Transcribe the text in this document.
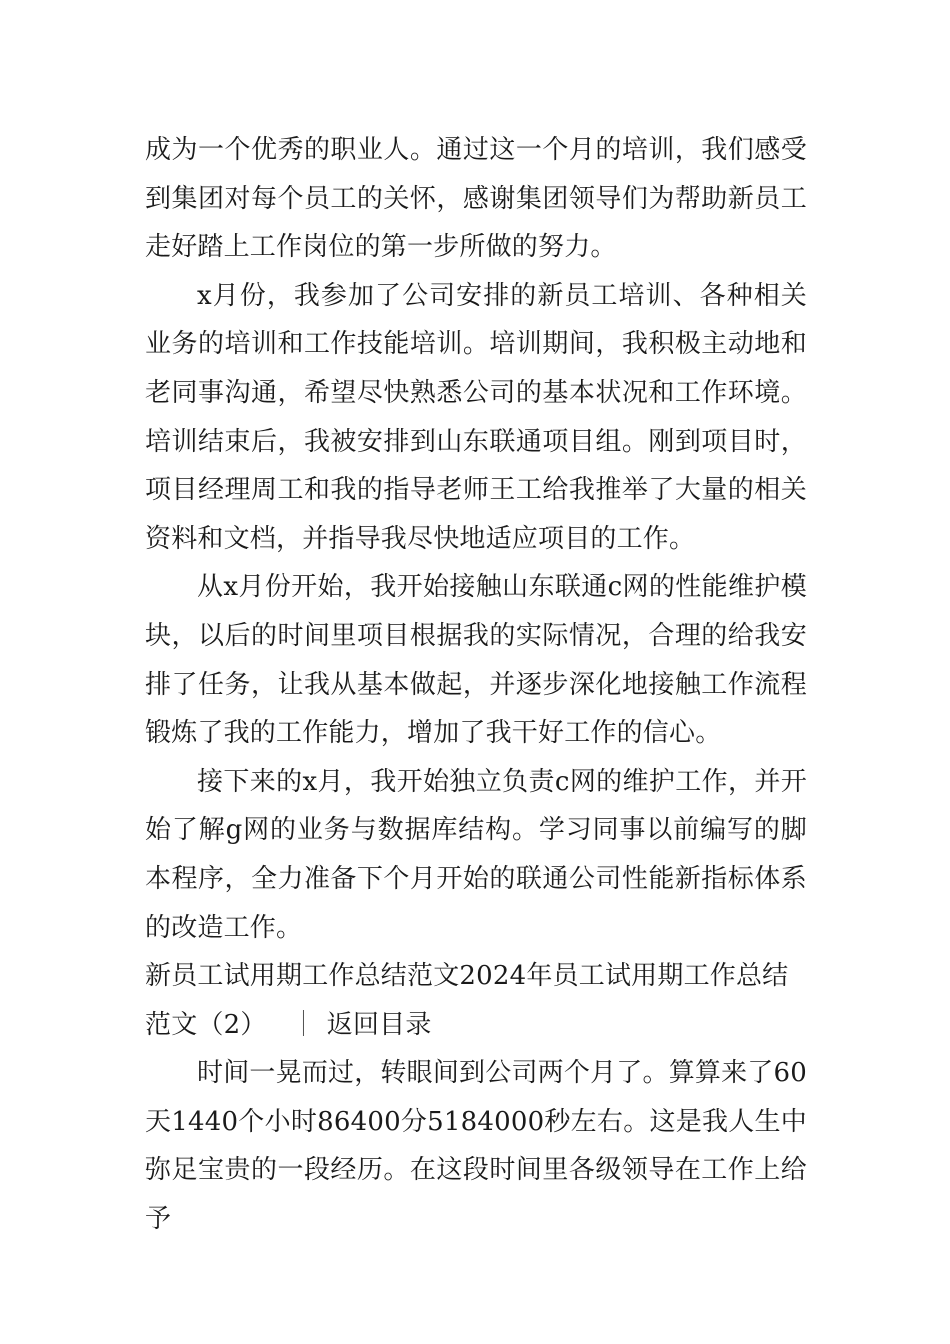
成为一个优秀的职业人。通过这一个月的培训，我们感受到集团对每个员工的关怀，感谢集团领导们为帮助新员工走好踏上工作岗位的第一步所做的努力。

x月份，我参加了公司安排的新员工培训、各种相关业务的培训和工作技能培训。培训期间，我积极主动地和老同事沟通，希望尽快熟悉公司的基本状况和工作环境。培训结束后，我被安排到山东联通项目组。刚到项目时，项目经理周工和我的指导老师王工给我推举了大量的相关资料和文档，并指导我尽快地适应项目的工作。

从x月份开始，我开始接触山东联通c网的性能维护模块，以后的时间里项目根据我的实际情况，合理的给我安排了任务，让我从基本做起，并逐步深化地接触工作流程锻炼了我的工作能力，增加了我干好工作的信心。

接下来的x月，我开始独立负责c网的维护工作，并开始了解g网的业务与数据库结构。学习同事以前编写的脚本程序，全力准备下个月开始的联通公司性能新指标体系的改造工作。

新员工试用期工作总结范文2024年员工试用期工作总结范文（2） ｜ 返回目录

时间一晃而过，转眼间到公司两个月了。算算来了60天1440个小时86400分5184000秒左右。这是我人生中弥足宝贵的一段经历。在这段时间里各级领导在工作上给予
